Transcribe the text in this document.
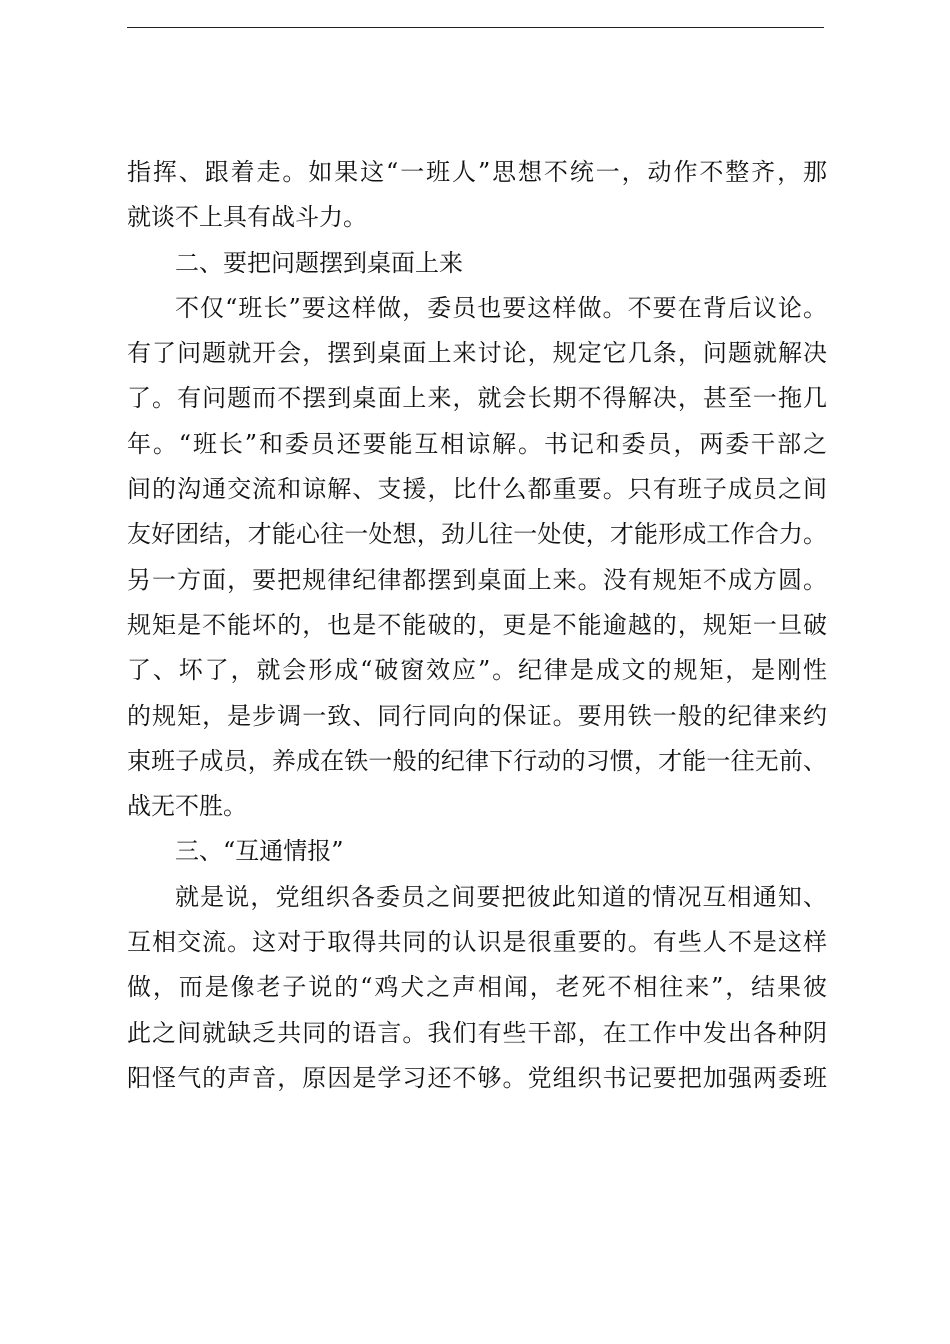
指挥、跟着走。如果这“一班人”思想不统一，动作不整齐，那
就谈不上具有战斗力。
二、要把问题摆到桌面上来
不仅“班长”要这样做，委员也要这样做。不要在背后议论。
有了问题就开会，摆到桌面上来讨论，规定它几条，问题就解决
了。有问题而不摆到桌面上来，就会长期不得解决，甚至一拖几
年。“班长”和委员还要能互相谅解。书记和委员，两委干部之
间的沟通交流和谅解、支援，比什么都重要。只有班子成员之间
友好团结，才能心往一处想，劲儿往一处使，才能形成工作合力。
另一方面，要把规律纪律都摆到桌面上来。没有规矩不成方圆。
规矩是不能坏的，也是不能破的，更是不能逾越的，规矩一旦破
了、坏了，就会形成“破窗效应”。纪律是成文的规矩，是刚性
的规矩，是步调一致、同行同向的保证。要用铁一般的纪律来约
束班子成员，养成在铁一般的纪律下行动的习惯，才能一往无前、
战无不胜。
三、“互通情报”
就是说，党组织各委员之间要把彼此知道的情况互相通知、
互相交流。这对于取得共同的认识是很重要的。有些人不是这样
做，而是像老子说的“鸡犬之声相闻，老死不相往来”，结果彼
此之间就缺乏共同的语言。我们有些干部，在工作中发出各种阴
阳怪气的声音，原因是学习还不够。党组织书记要把加强两委班
